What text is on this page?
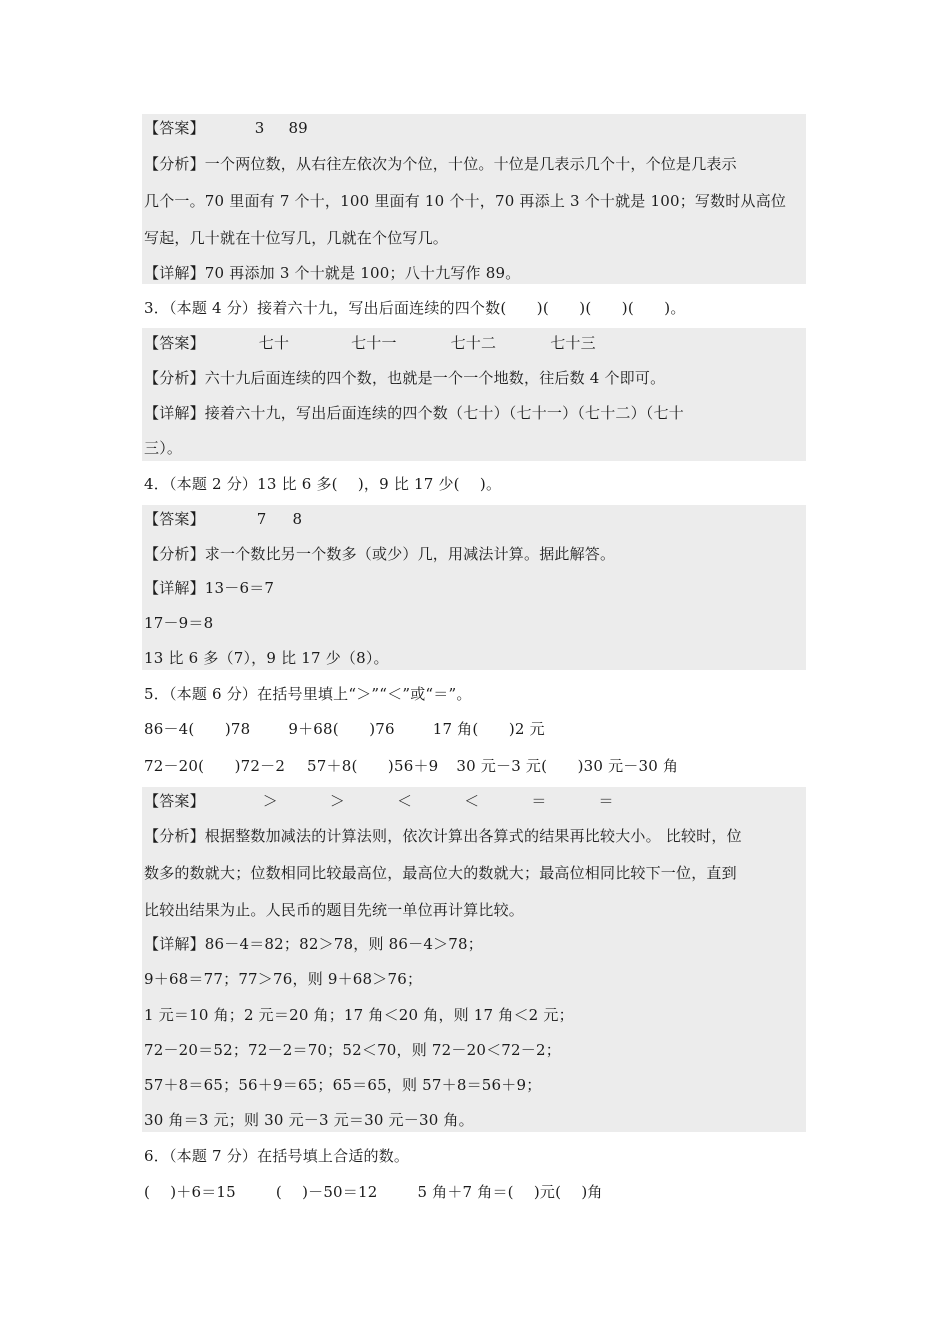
【答案】	3 89
【分析】一个两位数，从右往左依次为个位，十位。十位是几表示几个十，个位是几表示
几个一。70 里面有 7 个十，100 里面有 10 个十，70 再添上 3 个十就是 100；写数时从高位
写起，几十就在十位写几，几就在个位写几。
【详解】70 再添加 3 个十就是 100；八十九写作 89。
3．（本题 4 分）接着六十九，写出后面连续的四个数(　　)(　　)(　　)(　　)。
【答案】	七十	七十一	七十二	七十三
【分析】六十九后面连续的四个数，也就是一个一个地数，往后数 4 个即可。
【详解】接着六十九，写出后面连续的四个数（七十）（七十一）（七十二）（七十
三）。
4．（本题 2 分）13 比 6 多(　 )，9 比 17 少(　 )。
【答案】	7 8
【分析】求一个数比另一个数多（或少）几，用减法计算。据此解答。
【详解】13－6＝7
17－9＝8
13 比 6 多（7），9 比 17 少（8）。
5．（本题 6 分）在括号里填上“＞”“＜”或“＝”。
86－4(　　)78	9＋68(　　)76	17 角(　　)2 元
72－20(　　)72－2 57＋8(　　)56＋9 30 元－3 元(　　)30 元－30 角
【答案】	＞	＞	＜	＜	＝	＝
【分析】根据整数加减法的计算法则，依次计算出各算式的结果再比较大小。 比较时，位
数多的数就大；位数相同比较最高位，最高位大的数就大；最高位相同比较下一位，直到
比较出结果为止。人民币的题目先统一单位再计算比较。
【详解】86－4＝82；82＞78，则 86－4＞78；
9＋68＝77；77＞76，则 9＋68＞76；
1 元＝10 角；2 元＝20 角；17 角＜20 角，则 17 角＜2 元；
72－20＝52；72－2＝70；52＜70，则 72－20＜72－2；
57＋8＝65；56＋9＝65；65＝65，则 57＋8＝56＋9；
30 角＝3 元；则 30 元－3 元＝30 元－30 角。
6．（本题 7 分）在括号填上合适的数。
(　 )＋6＝15	(　 )－50＝12	5 角＋7 角＝(　 )元(　 )角
